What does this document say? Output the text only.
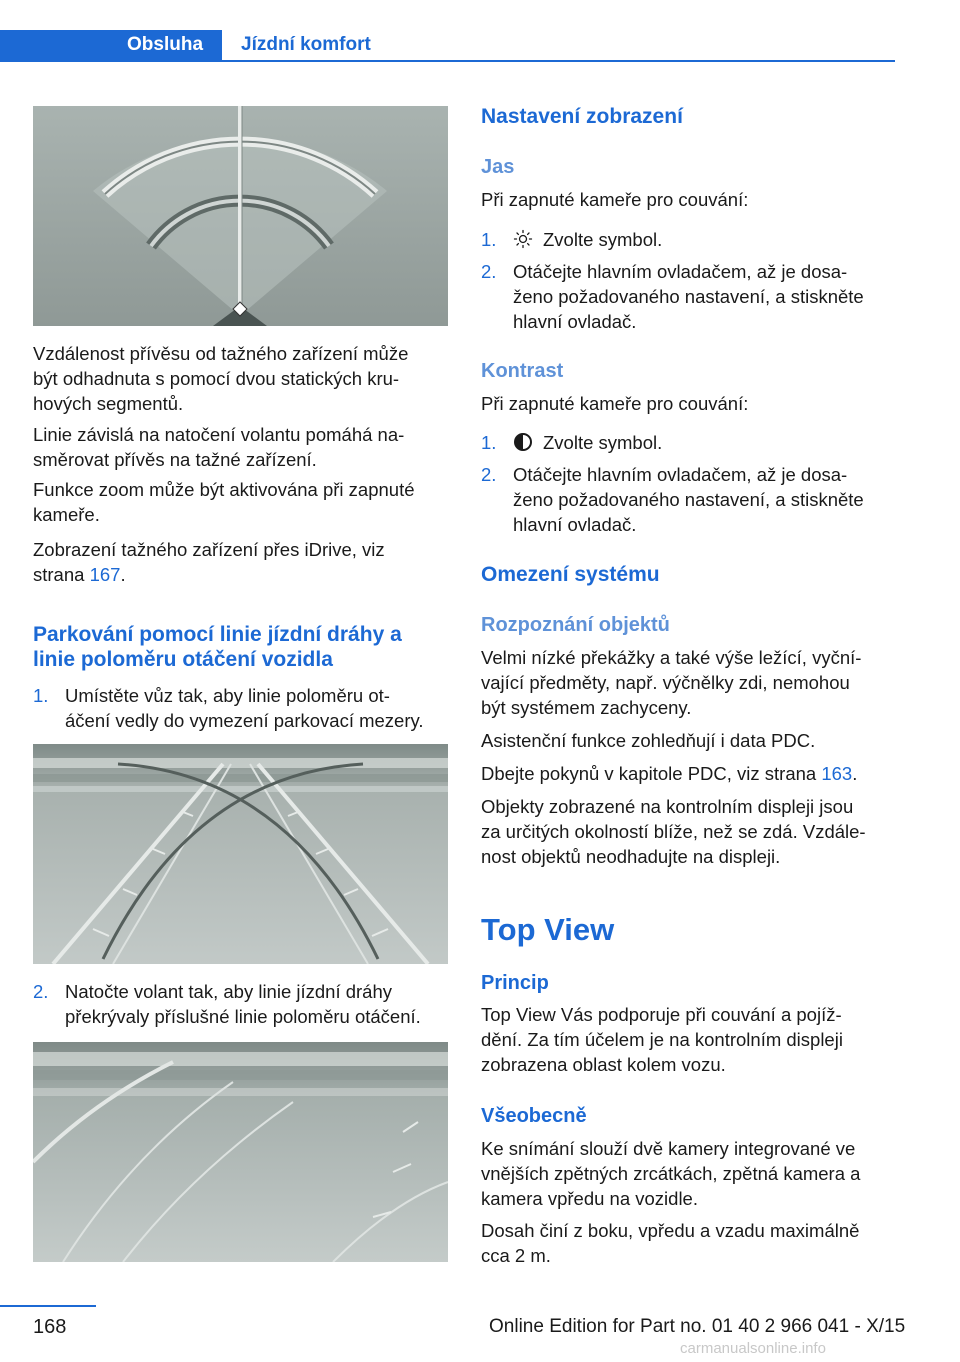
Obsluha	Jízdní komfort

Vzdálenost přívěsu od tažného zařízení může
být odhadnuta s pomocí dvou statických kru‐
hových segmentů.

Linie závislá na natočení volantu pomáhá na‐
směrovat přívěs na tažné zařízení.

Funkce zoom může být aktivována při zapnuté
kameře.

Zobrazení tažného zařízení přes iDrive, viz
strana 167.

Parkování pomocí linie jízdní dráhy a
linie poloměru otáčení vozidla
1. Umístěte vůz tak, aby linie poloměru ot‐
áčení vedly do vymezení parkovací mezery.
2. Natočte volant tak, aby linie jízdní dráhy
překrývaly příslušné linie poloměru otáčení.
Nastavení zobrazení
Jas

Při zapnuté kameře pro couvání:

1.	Zvolte symbol.
2. Otáčejte hlavním ovladačem, až je dosa‐
ženo požadovaného nastavení, a stiskněte
hlavní ovladač.
Kontrast

Při zapnuté kameře pro couvání:

1.	Zvolte symbol.
2. Otáčejte hlavním ovladačem, až je dosa‐
ženo požadovaného nastavení, a stiskněte
hlavní ovladač.
Omezení systému
Rozpoznání objektů

Velmi nízké překážky a také výše ležící, vyční‐
vající předměty, např. výčnělky zdi, nemohou
být systémem zachyceny.

Asistenční funkce zohledňují i data PDC.

Dbejte pokynů v kapitole PDC, viz strana 163.

Objekty zobrazené na kontrolním displeji jsou
za určitých okolností blíže, než se zdá. Vzdále‐
nost objektů neodhadujte na displeji.

Top View
Princip

Top View Vás podporuje při couvání a pojíž‐
dění. Za tím účelem je na kontrolním displeji
zobrazena oblast kolem vozu.

Všeobecně

Ke snímání slouží dvě kamery integrované ve
vnějších zpětných zrcátkách, zpětná kamera a
kamera vpředu na vozidle.

Dosah činí z boku, vpředu a vzadu maximálně
cca 2 m.

168	Online Edition for Part no. 01 40 2 966 041 - X/15
carmanualsonline.info
